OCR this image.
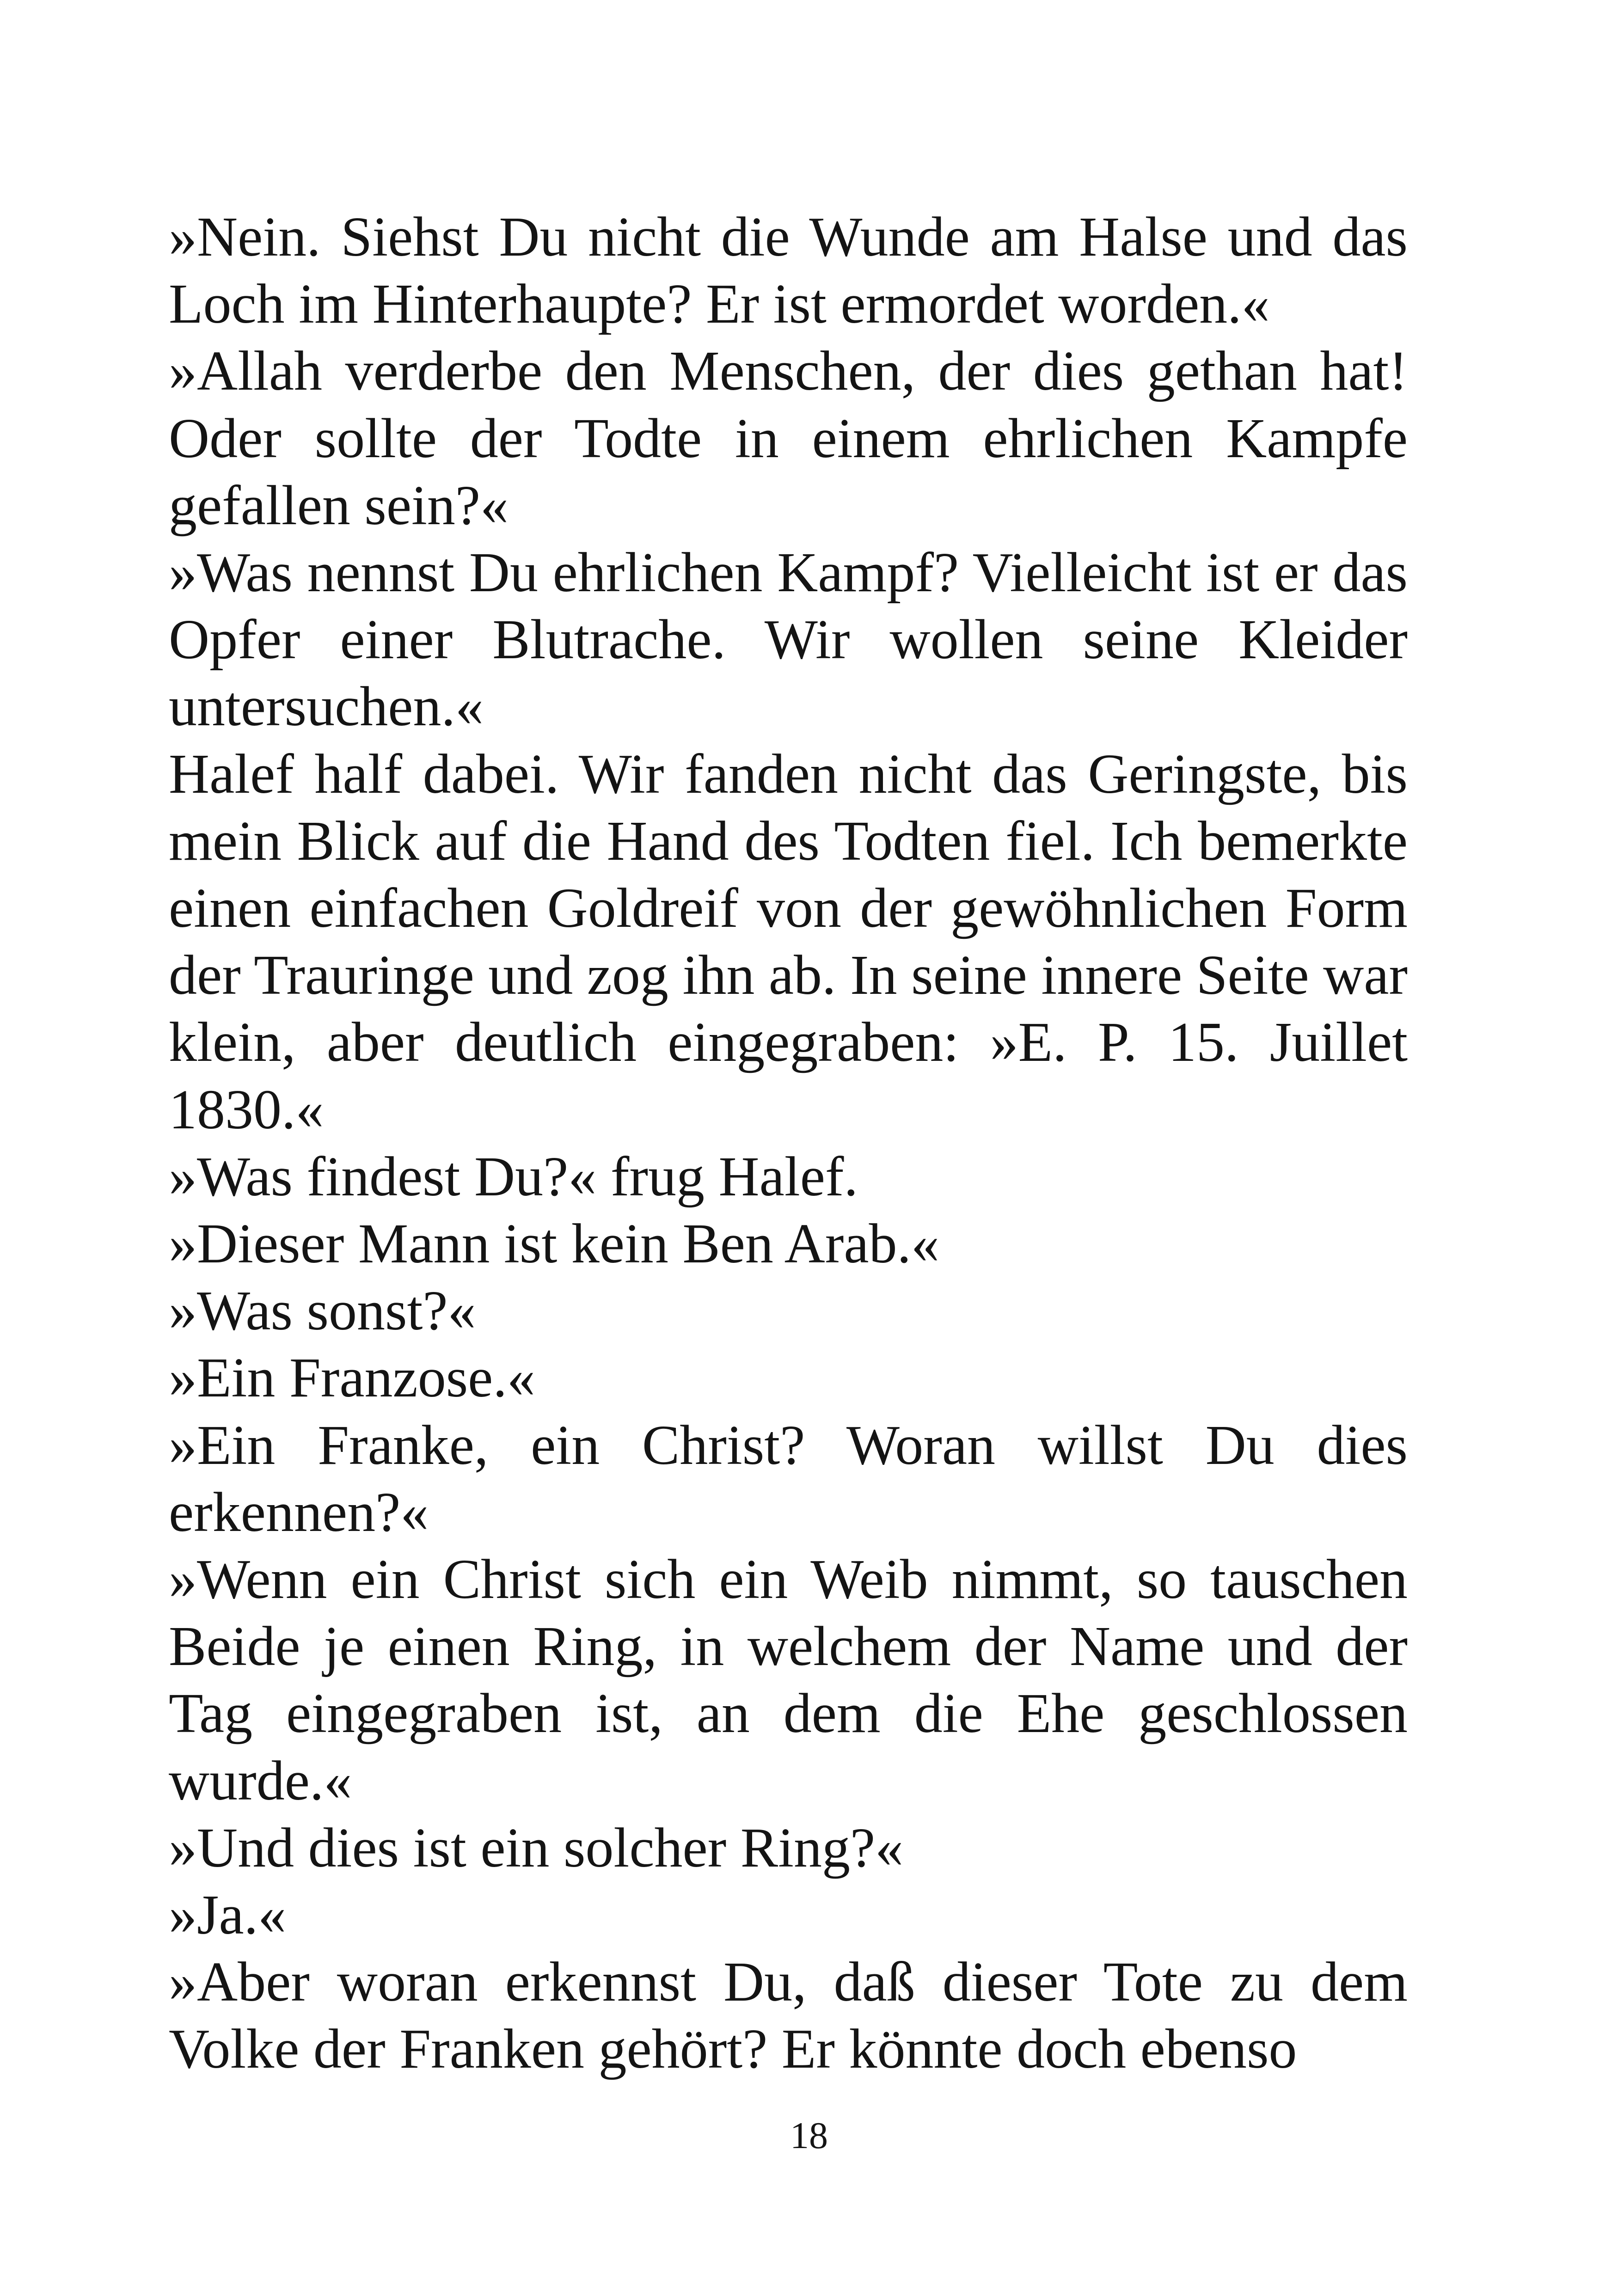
»Nein. Siehst Du nicht die Wunde am Halse und das Loch im Hinterhaupte? Er ist ermordet worden.«

»Allah verderbe den Menschen, der dies gethan hat! Oder sollte der Todte in einem ehrlichen Kampfe gefallen sein?«

»Was nennst Du ehrlichen Kampf? Vielleicht ist er das Opfer einer Blutrache. Wir wollen seine Kleider untersuchen.«

Halef half dabei. Wir fanden nicht das Geringste, bis mein Blick auf die Hand des Todten fiel. Ich bemerkte einen einfachen Goldreif von der gewöhnlichen Form der Trauringe und zog ihn ab. In seine innere Seite war klein, aber deutlich eingegraben: »E. P. 15. Juillet 1830.«

»Was findest Du?« frug Halef.

»Dieser Mann ist kein Ben Arab.«

»Was sonst?«

»Ein Franzose.«

»Ein Franke, ein Christ? Woran willst Du dies erkennen?«

»Wenn ein Christ sich ein Weib nimmt, so tauschen Beide je einen Ring, in welchem der Name und der Tag eingegraben ist, an dem die Ehe geschlossen wurde.«

»Und dies ist ein solcher Ring?«

»Ja.«

»Aber woran erkennst Du, daß dieser Tote zu dem Volke der Franken gehört? Er könnte doch ebenso

18
